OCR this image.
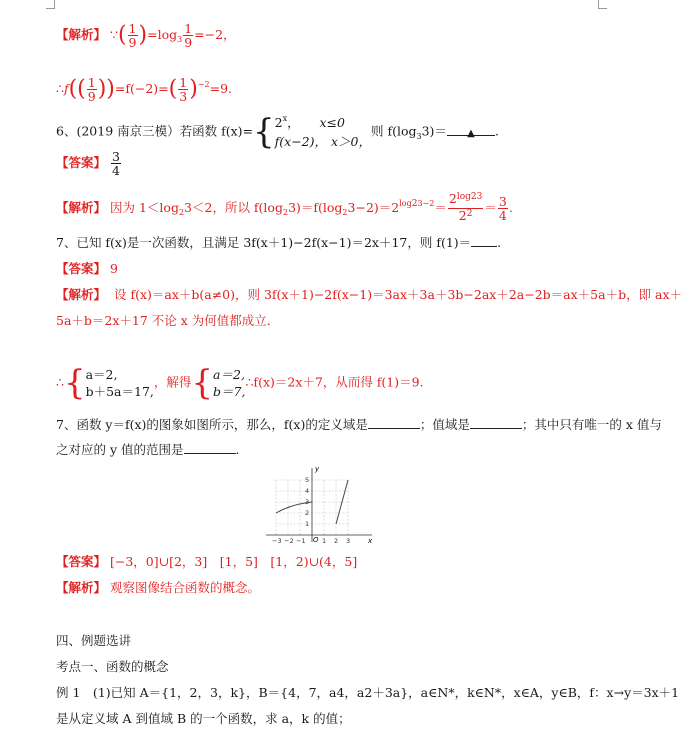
【解析】 ∵( $\frac{1}{9} )=\log_3 \frac{1}{9} =-2$，
∴f(( $\frac{1}{9} ))=f(-2)=( \frac{1}{3} )^{-2}=9$.
6、(2019 南京三模）若函数 $f(x)=\{2^x$，     x≤0
f(x−2)， x＞0，则 $f(\log_33)=$ ▲ .
【答案】 $\frac{3}{4}$
【解析】 因为 $1<\log_23<2$，所以 $f(\log_23)=f(\log_23-2)=2^{log23-2}= \frac{2^{log23}}{2^2} = \frac{3}{4}$ .
7、已知 f(x)是一次函数，且满足 3f(x＋1)−2f(x−1)＝2x＋17，则 f(1)＝ .
【答案】 9
【解析】 设 f(x)＝ax＋b(a≠0)，则 3f(x＋1)−2f(x−1)＝3ax＋3a＋3b−2ax＋2a−2b＝ax＋5a＋b，即 ax＋
5a＋b＝2x＋17 不论 x 为何值都成立．
∴{a＝2,
b＋5a＝17,，解得{a＝2,
b＝7,∴f(x)＝2x＋7，从而得 f(1)＝9.
7、函数 y＝f(x)的图象如图所示，那么，f(x)的定义域是	；值域是	；其中只有唯一的 x 值与
之对应的 y 值的范围是	.
y
x
O
5
4
3
2
1
−3 −2 −1	1 2 3
【答案】 [−3，0]∪[2，3]　[1，5]　[1，2)∪(4，5]
【解析】 观察图像结合函数的概念。
四、例题选讲
考点一、函数的概念
例 1　(1)已知 A＝{1，2，3，k}，B＝{4，7，a4，a2＋3a}，a∈N*，k∈N*，x∈A，y∈B，f：x→y＝3x＋1
是从定义域 A 到值域 B 的一个函数，求 a，k 的值；
